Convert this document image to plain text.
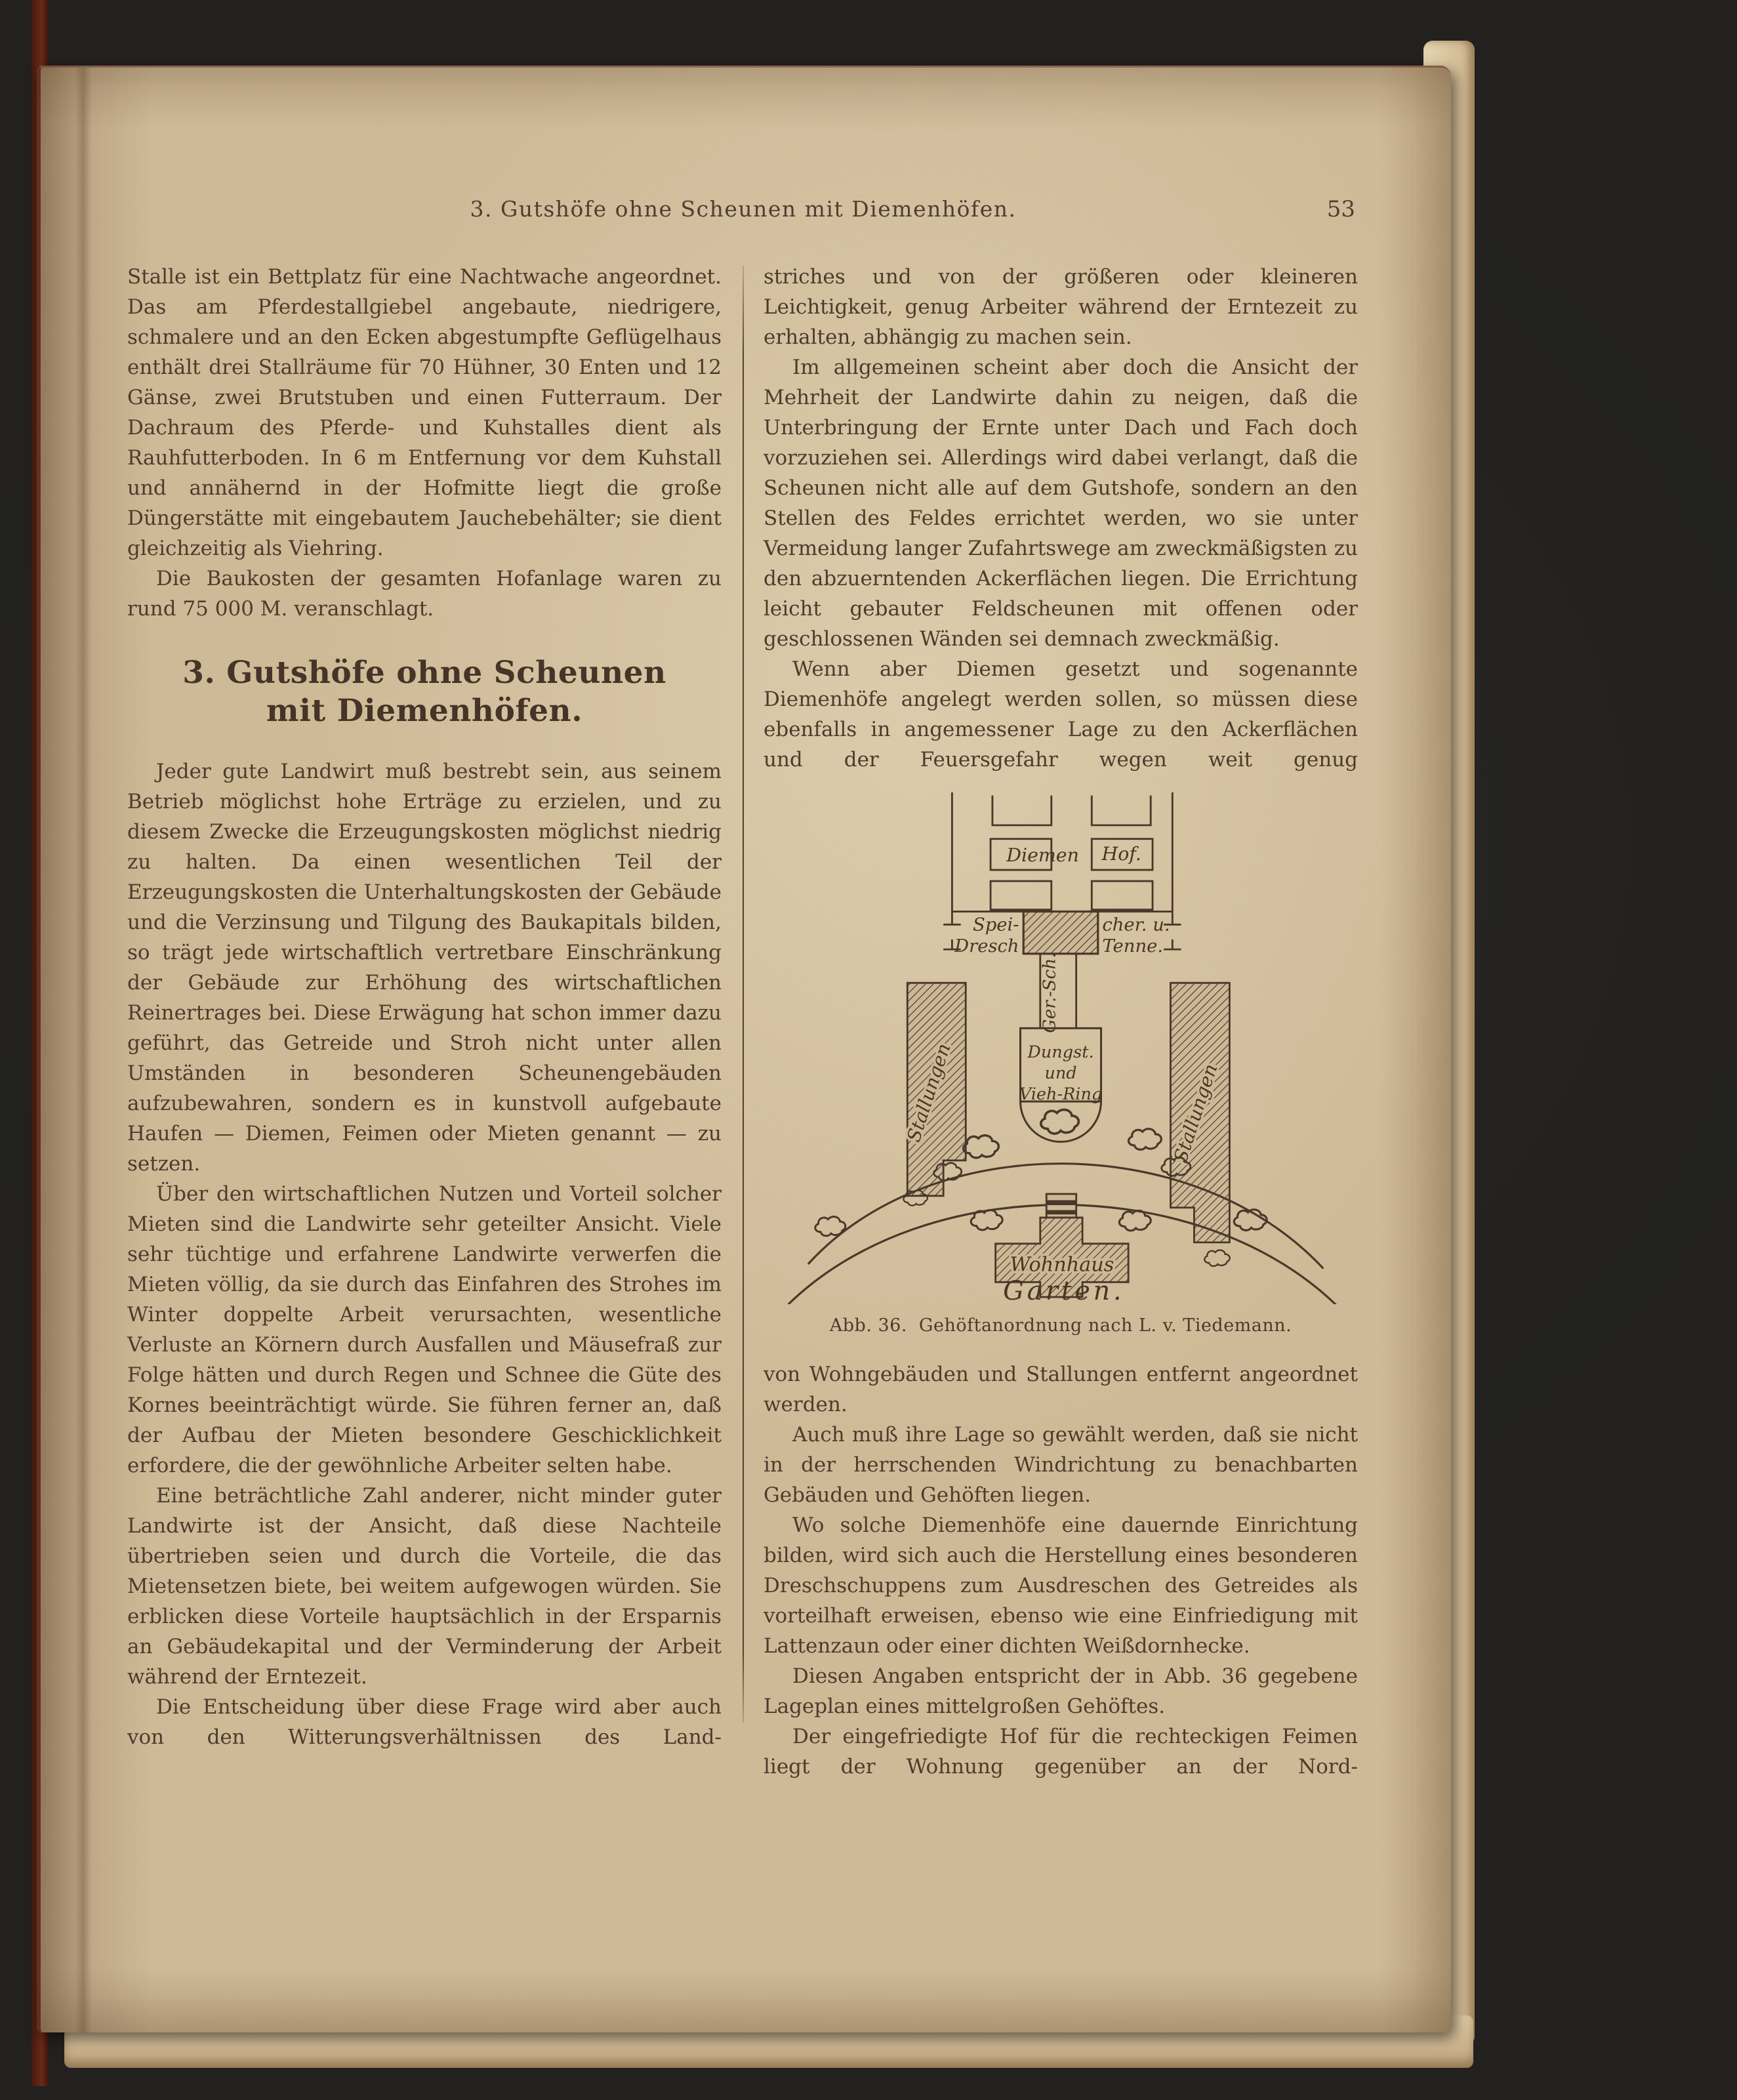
3. Gutshöfe ohne Scheunen mit Diemenhöfen.	53

Stalle ist ein Bettplatz für eine Nachtwache angeordnet. Das am Pferdestallgiebel angebaute, niedrigere, schmalere und an den Ecken abgestumpfte Geflügelhaus enthält drei Stallräume für 70 Hühner, 30 Enten und 12 Gänse, zwei Brutstuben und einen Futterraum. Der Dachraum des Pferde- und Kuhstalles dient als Rauhfutterboden. In 6 m Entfernung vor dem Kuhstall und annähernd in der Hofmitte liegt die große Düngerstätte mit eingebautem Jauchebehälter; sie dient gleichzeitig als Viehring.

Die Baukosten der gesamten Hofanlage waren zu rund 75 000 M. veranschlagt.

3. Gutshöfe ohne Scheunen
mit Diemenhöfen.

Jeder gute Landwirt muß bestrebt sein, aus seinem Betrieb möglichst hohe Erträge zu erzielen, und zu diesem Zwecke die Erzeugungskosten möglichst niedrig zu halten. Da einen wesentlichen Teil der Erzeugungskosten die Unterhaltungskosten der Gebäude und die Verzinsung und Tilgung des Baukapitals bilden, so trägt jede wirtschaftlich vertretbare Einschränkung der Gebäude zur Erhöhung des wirtschaftlichen Reinertrages bei. Diese Erwägung hat schon immer dazu geführt, das Getreide und Stroh nicht unter allen Umständen in besonderen Scheunengebäuden aufzubewahren, sondern es in kunstvoll aufgebaute Haufen — Diemen, Feimen oder Mieten genannt — zu setzen.

Über den wirtschaftlichen Nutzen und Vorteil solcher Mieten sind die Landwirte sehr geteilter Ansicht. Viele sehr tüchtige und erfahrene Landwirte verwerfen die Mieten völlig, da sie durch das Einfahren des Strohes im Winter doppelte Arbeit verursachten, wesentliche Verluste an Körnern durch Ausfallen und Mäusefraß zur Folge hätten und durch Regen und Schnee die Güte des Kornes beeinträchtigt würde. Sie führen ferner an, daß der Aufbau der Mieten besondere Geschicklichkeit erfordere, die der gewöhnliche Arbeiter selten habe.

Eine beträchtliche Zahl anderer, nicht minder guter Landwirte ist der Ansicht, daß diese Nachteile übertrieben seien und durch die Vorteile, die das Mietensetzen biete, bei weitem aufgewogen würden. Sie erblicken diese Vorteile hauptsächlich in der Ersparnis an Gebäudekapital und der Verminderung der Arbeit während der Erntezeit.

Die Entscheidung über diese Frage wird aber auch von den Witterungsverhältnissen des Land-

striches und von der größeren oder kleineren Leichtigkeit, genug Arbeiter während der Erntezeit zu erhalten, abhängig zu machen sein.

Im allgemeinen scheint aber doch die Ansicht der Mehrheit der Landwirte dahin zu neigen, daß die Unterbringung der Ernte unter Dach und Fach doch vorzuziehen sei. Allerdings wird dabei verlangt, daß die Scheunen nicht alle auf dem Gutshofe, sondern an den Stellen des Feldes errichtet werden, wo sie unter Vermeidung langer Zufahrtswege am zweckmäßigsten zu den abzuerntenden Ackerflächen liegen. Die Errichtung leicht gebauter Feldscheunen mit offenen oder geschlossenen Wänden sei demnach zweckmäßig.

Wenn aber Diemen gesetzt und sogenannte Diemenhöfe angelegt werden sollen, so müssen diese ebenfalls in angemessener Lage zu den Ackerflächen und der Feuersgefahr wegen weit genug

Stallungen	Stallungen
Diemen Hof.
Spei-
Dresch
cher. u.
Tenne.
Ger.-Sch.
Dungst.
und
Vieh-Ring
Wohnhaus
Garten.
Abb. 36. Gehöftanordnung nach L. v. Tiedemann.

von Wohngebäuden und Stallungen entfernt angeordnet werden.

Auch muß ihre Lage so gewählt werden, daß sie nicht in der herrschenden Windrichtung zu benachbarten Gebäuden und Gehöften liegen.

Wo solche Diemenhöfe eine dauernde Einrichtung bilden, wird sich auch die Herstellung eines besonderen Dreschschuppens zum Ausdreschen des Getreides als vorteilhaft erweisen, ebenso wie eine Einfriedigung mit Lattenzaun oder einer dichten Weißdornhecke.

Diesen Angaben entspricht der in Abb. 36 gegebene Lageplan eines mittelgroßen Gehöftes.

Der eingefriedigte Hof für die rechteckigen Feimen liegt der Wohnung gegenüber an der Nord-
